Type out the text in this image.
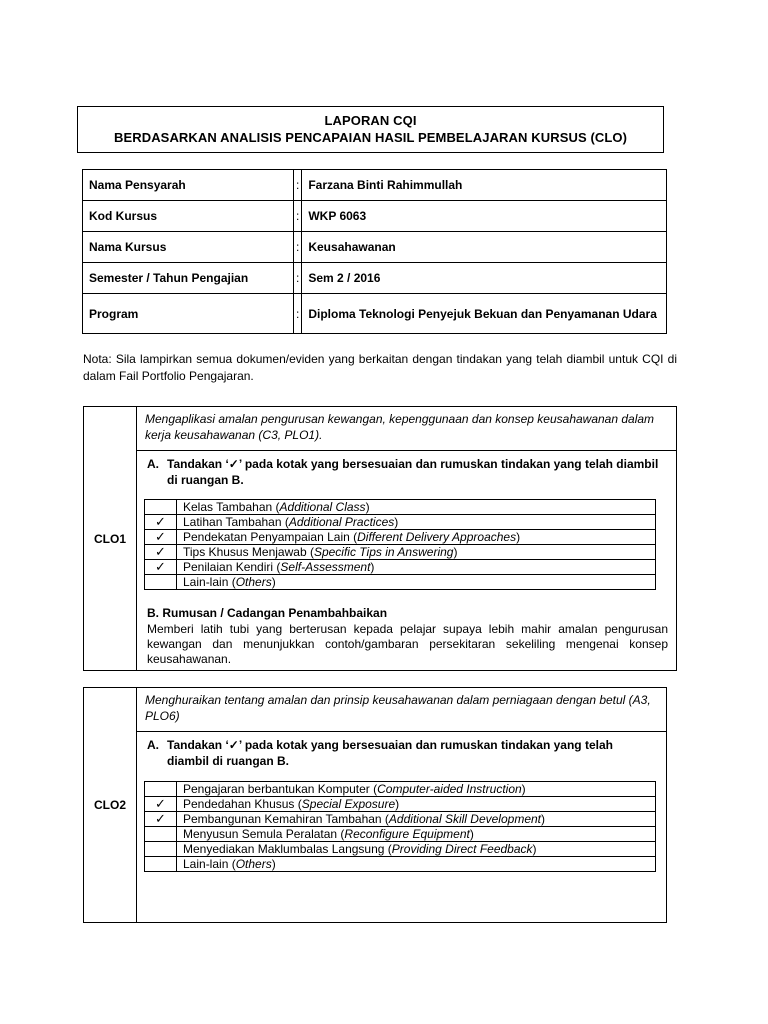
LAPORAN CQI
BERDASARKAN ANALISIS PENCAPAIAN HASIL PEMBELAJARAN KURSUS (CLO)
Nama Pensyarah	:	Farzana Binti Rahimmullah
Kod Kursus	:	WKP 6063
Nama Kursus	:	Keusahawanan
Semester / Tahun Pengajian	:	Sem 2 / 2016
Program	:	Diploma Teknologi Penyejuk Bekuan dan Penyamanan Udara
Nota: Sila lampirkan semua dokumen/eviden yang berkaitan dengan tindakan yang telah diambil untuk CQI di dalam Fail Portfolio Pengajaran.
CLO1
Mengaplikasi amalan pengurusan kewangan, kepenggunaan dan konsep keusahawanan dalam kerja keusahawanan (C3, PLO1).
A. Tandakan ‘✓’ pada kotak yang bersesuaian dan rumuskan tindakan yang telah diambil di ruangan B.
	Kelas Tambahan (Additional Class)
✓	Latihan Tambahan (Additional Practices)
✓	Pendekatan Penyampaian Lain (Different Delivery Approaches)
✓	Tips Khusus Menjawab (Specific Tips in Answering)
✓	Penilaian Kendiri (Self-Assessment)
	Lain-lain (Others)
B. Rumusan / Cadangan Penambahbaikan
Memberi latih tubi yang berterusan kepada pelajar supaya lebih mahir amalan pengurusan kewangan dan menunjukkan contoh/gambaran persekitaran sekeliling mengenai konsep keusahawanan.
CLO2
Menghuraikan tentang amalan dan prinsip keusahawanan dalam perniagaan dengan betul (A3, PLO6)
A. Tandakan ‘✓’ pada kotak yang bersesuaian dan rumuskan tindakan yang telah diambil di ruangan B.
	Pengajaran berbantukan Komputer (Computer-aided Instruction)
✓	Pendedahan Khusus (Special Exposure)
✓	Pembangunan Kemahiran Tambahan (Additional Skill Development)
	Menyusun Semula Peralatan (Reconfigure Equipment)
	Menyediakan Maklumbalas Langsung (Providing Direct Feedback)
	Lain-lain (Others)
